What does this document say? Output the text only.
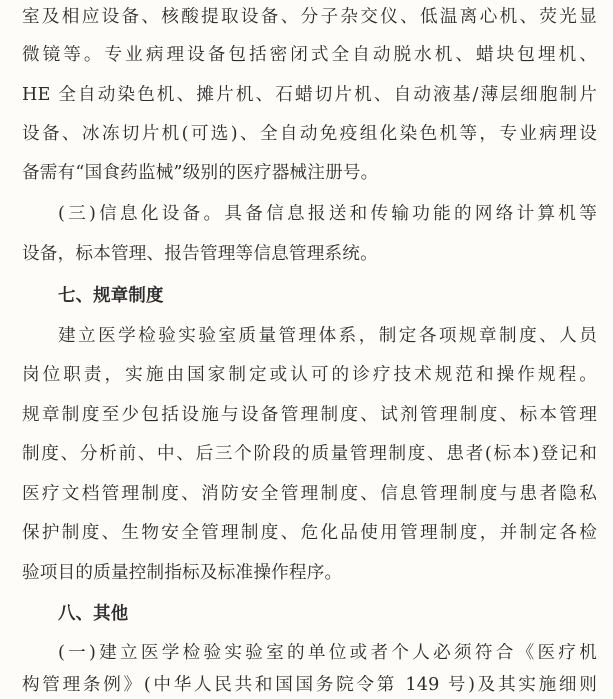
室及相应设备、核酸提取设备、分子杂交仪、低温离心机、荧光显
微镜等。专业病理设备包括密闭式全自动脱水机、蜡块包埋机、
HE 全自动染色机、摊片机、石蜡切片机、自动液基/薄层细胞制片
设备、冰冻切片机(可选)、全自动免疫组化染色机等，专业病理设
备需有“国食药监械”级别的医疗器械注册号。
(三)信息化设备。具备信息报送和传输功能的网络计算机等
设备，标本管理、报告管理等信息管理系统。
七、规章制度
建立医学检验实验室质量管理体系，制定各项规章制度、人员
岗位职责，实施由国家制定或认可的诊疗技术规范和操作规程。
规章制度至少包括设施与设备管理制度、试剂管理制度、标本管理
制度、分析前、中、后三个阶段的质量管理制度、患者(标本)登记和
医疗文档管理制度、消防安全管理制度、信息管理制度与患者隐私
保护制度、生物安全管理制度、危化品使用管理制度，并制定各检
验项目的质量控制指标及标准操作程序。
八、其他
(一)建立医学检验实验室的单位或者个人必须符合《医疗机
构管理条例》(中华人民共和国国务院令第 149 号)及其实施细则
